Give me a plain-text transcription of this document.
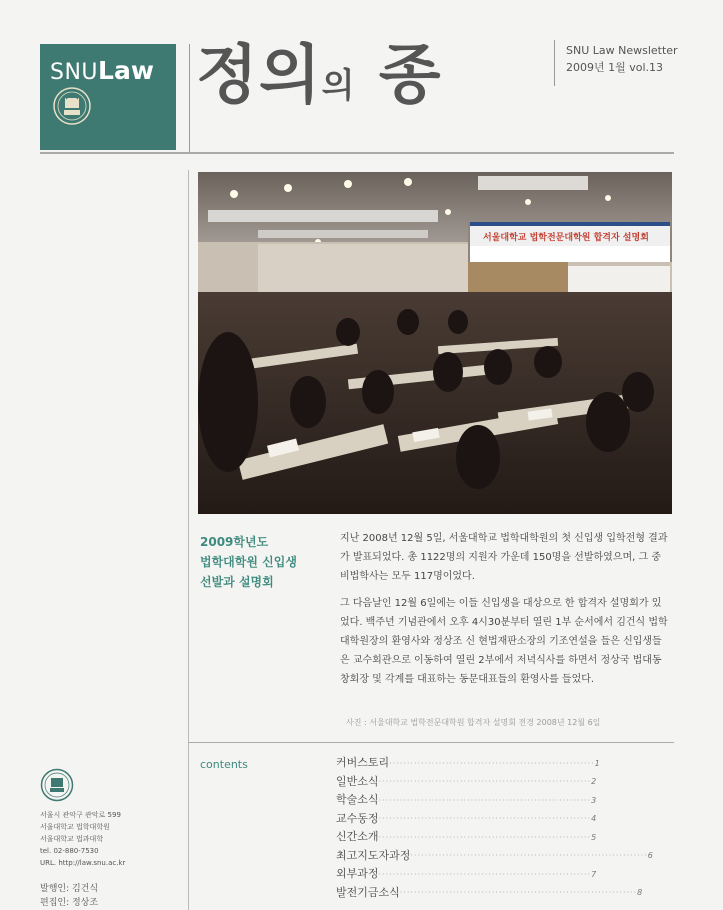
SNULaw 정의의 종	SNU Law Newsletter
2009년 1월 vol.13
서울대학교 법학전문대학원 합격자 설명회
2009학년도
법학대학원 신입생
선발과 설명회

지난 2008년 12월 5일, 서울대학교 법학대학원의 첫 신입생 입학전형 결과가 발표되었다. 총 1122명의 지원자 가운데 150명을 선발하였으며, 그 중 비법학사는 모두 117명이었다.

그 다음날인 12월 6일에는 이들 신입생을 대상으로 한 합격자 설명회가 있었다. 백주년 기념관에서 오후 4시30분부터 열린 1부 순서에서 김건식 법학대학원장의 환영사와 정상조 신 현법재판소장의 기조연설을 들은 신입생들은 교수회관으로 이동하여 열린 2부에서 저녁식사를 하면서 정상국 법대동창회장 및 각계를 대표하는 동문대표들의 환영사를 들었다.

사진 : 서울대학교 법학전문대학원 합격자 설명회 전경 2008년 12월 6일
contents	커버스토리··························································1
일반소식····························································2
학술소식····························································3
교수동정····························································4
신간소개····························································5
최고지도자과정···································································6
외부과정····························································7
발전기금소식···································································8
서울시 관악구 관악로 599
서울대학교 법학대학원
서울대학교 법과대학
tel. 02-880-7530
URL. http://law.snu.ac.kr
발행인: 김건식
편집인: 정상조
